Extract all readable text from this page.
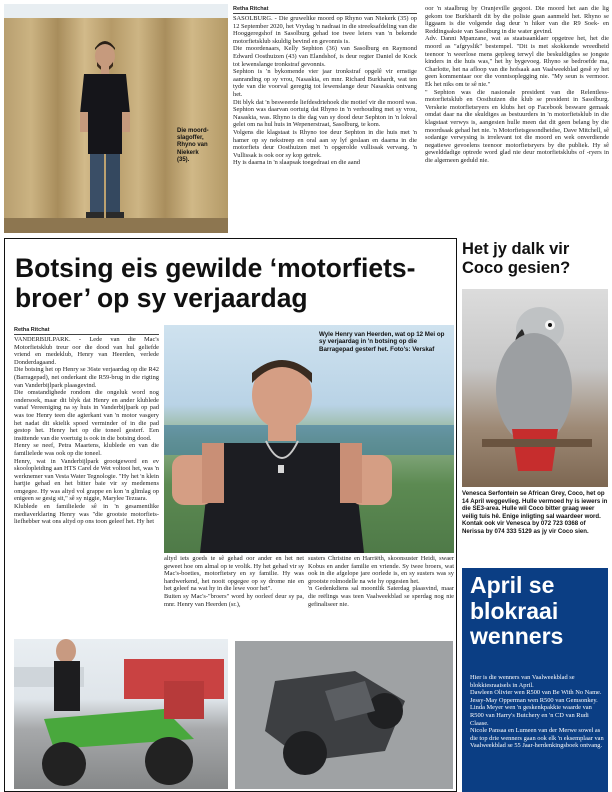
Die moord-
slagoffer,
Rhyno van
Niekerk
(35).
Retha Ritchat
SASOLBURG. - Die gruwelike moord op Rhyno van Niekerk (35) op 12 September 2020, het Vrydag 'n nadraai in die streeksafdeling van die Hooggeregshof in Sasolburg gehad toe twee leiers van 'n bekende motorfietsklub skuldig bevind en gevonnis is.
Die moordenaars, Kelly Sephton (36) van Sasolburg en Raymond Edward Oosthuizen (43) van Elandshof, is deur regter Daniel de Kock tot lewenslange tronkstraf gevonnis.
Sephton is 'n bykomende vier jaar tronkstraf opgelê vir ernstige aanranding op sy vrou, Nasaskia, en mnr. Richard Burkhardt, wat ten tyde van die voorval geregtig tot lewenslange deur Nasaskia ontvang het.
Dit blyk dat 'n besweerde liefdesdriehoek die motief vir die moord was. Sephton was daarvan oortuig dat Rhyno in 'n verhouding met sy vrou, Nasaskia, was. Rhyno is die dag van sy dood deur Sephton in 'n lokval gelei om na hul huis in Wepenerstraat, Sasolburg, te kom.
Volgens die klagstaat is Rhyno toe deur Sephton in die huis met 'n hamer op sy nekstreep en oral aan sy lyf geslaan en daarna in die motorfiets deur Oosthuizen met 'n opgerolde vullissak vervang. 'n Vullissak is ook oor sy kop getrek.
Hy is daarna in 'n slaapsak toegedraai en die aand
oor 'n staalbrug by Oranjeville gegooi. Die moord het aan die lig gekom toe Burkhardt dit by die polisie gaan aanmeld het. Rhyno se liggaam is die volgende dag deur 'n hiker van die R9 Soek- en Reddingsaksie van Sasolburg in die water gevind.
Adv. Danni Mpanzane, wat as staatsaanklaer opgetree het, het die moord as "afgryslik" bestempel. "Dit is met skokkende wreedheid teenoor 'n weerlose mens gepleeg terwyl die beskuldigdes se jongste kinders in die huis was," het hy bygevoeg. Rhyno se bedroefde ma, Charlotte, het na afloop van die hofsaak aan Vaalweekblad gesê sy het geen kommentaar oor die vonnisoplegging nie. "My seun is vermoor. Ek het niks om te sê nie."
" Sephton was die nasionale president van die Relentless-motorfietsklub en Oosthuizen die klub se president in Sasolburg. Verskeie motorfietsryers en klubs het op Facebook besware gemaak omdat daar na die skuldiges as bestuurders in 'n motorfietsklub in die klagstaat verwys is, aangesien hulle meen dat dit geen belang by die moordsaak gehad het nie. 'n Motorfietsgesondheidse, Dave Mitchell, sê sodanige verwysing is irrelevant tot die moord en wek onverdiende negatiewe gevoelens teenoor motorfietsryers by die publiek. Hy sê gewelddadige optrede word glad nie deur motorfietsklubs of -ryers in die algemeen geduld nie.
Het jy dalk vir Coco gesien?
Botsing eis gewilde ‘motorfiets-
broer’ op sy verjaardag
Retha Ritchat
VANDERBIJLPARK. - Lede van die Mac's Motorfietsklub treur oor die dood van hul geliefde vriend en medeklub, Henry van Heerden, verlede Donderdagaand.
Die botsing het op Henry se 36ste verjaardag op die R42 (Barragepad), net onderkant die R59-brug in die rigting van Vanderbijlpark plaasgevind.
Die omstandighede rondom die ongeluk word nog ondersoek, maar dit blyk dat Henry en ander klublede vanaf Vereeniging na sy huis in Vanderbijlpark op pad was toe Henry teen die agterkant van 'n motor vasgery het nadat dit skielik spoed verminder of in die pad gestop het. Henry het op die toneel gesterf. Een insittende van die voertuig is ook in die botsing dood.
Henry se neef, Petra Maartens, klublede en van die familielede was ook op die toneel.
Henry, wat in Vanderbijlpark grootgeword en ev skoolopleiding aan HTS Carel de Wet voltooi het, was 'n werknemer van Vesta Water Tegnologie. "Hy het 'n klein hartjie gehad en het bitter baie vir sy medemens omgegee. Hy was altyd vol grappe en kon 'n glimlag op enigeen se gesig sit," sê sy niggie, Marylee Tezuara.
Klublede en familielede sê in 'n gesamentlike mediaverklaring Henry was "die grootste motorfiets-liefhebber wat ons altyd op ons toon geleef het. Hy het
Wyle Henry van Heerden, wat op 12 Mei op sy verjaardag in 'n botsing op die Barragepad gesterf het. Foto's: Verskaf
altyd iets goeds te sê gehad oor ander en het net geweet hoe om almal op te vrolik. Hy het gehad vir sy Mac's-boeties, motorfietsry en sy familie. Hy was hardwerkend, het nooit opgegee op sy drome nie en het geleef na wat hy in die lewe voor het".
Buiten sy Mac's-"broers" word hy oorleef deur sy pa, mnr. Henry van Heerden (sr.),
susters Christine en Harriëth, skoonsuster Heidi, swaer Kobus en ander familie en vriende. Sy twee broers, wat ook in die afgelope jare oorlede is, en sy susters was sy grootste rolmodelle na wie hy opgesien het.
'n Gedenkdiens sal moontlik Saterdag plaasvind, maar die reëlings was teen Vaalweekblad se sperdag nog nie gefinaliseer nie.
Venesca Serfontein se African Grey, Coco, het op 14 April weggevlieg. Hulle vermoed hy is iewers in die SE3-area. Hulle wil Coco bitter graag weer veilig tuis hê. Enige inligting sal waardeer word. Kontak ook vir Venesca by 072 723 0368 of Nerissa by 074 333 5129 as jy vir Coco sien.
April se blokraai wenners
Hier is die wenners van Vaalweekblad se blokkiesraaisels in April.
Dawleen Olivier wen R500 van Be With No Name.
Jessy-May Opperman wen R500 van Gemsonkey.
Linda Meyer wen 'n geskenkpakkie waarde van R500 van Harry's Butchery en 'n CD van Rudi Claase.
Nicole Pansaa en Lumeen van der Merwe sowel as die top drie wenners gaan ook elk 'n eksemplaar van Vaalweekblad se 55 Jaar-herdenkingsboek ontvang.
